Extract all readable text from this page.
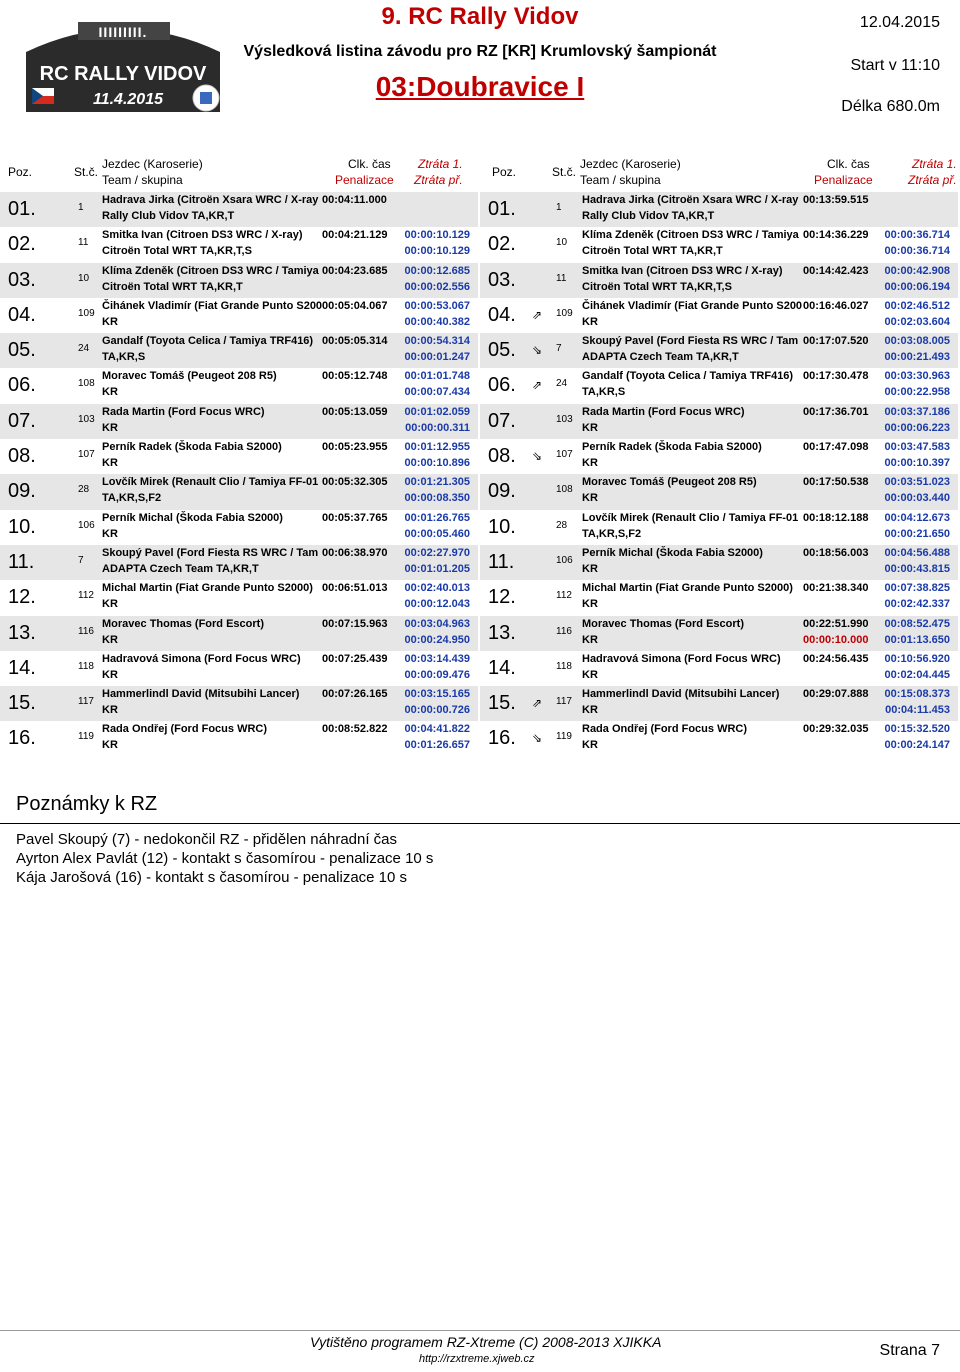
IIIIIIIII.
RC RALLY VIDOV
11.4.2015
9. RC Rally Vidov
Výsledková listina závodu pro RZ [KR] Krumlovský šampionát
03:Doubravice I
12.04.2015
Start v 11:10
Délka 680.0m
Poz.	St.č.
Jezdec (Karoserie)
Team / skupina
Clk. čas
Penalizace
Ztráta 1.
Ztráta př.
Poz.	St.č.
Jezdec (Karoserie)
Team / skupina
Clk. čas
Penalizace
Ztráta 1.
Ztráta př.
01.	1
Hadrava Jirka (Citroën Xsara WRC / X-ray
Rally Club Vidov TA,KR,T
00:04:11.000
02.	11
Smitka Ivan (Citroen DS3 WRC / X-ray)
Citroën Total WRT TA,KR,T,S
00:04:21.129 00:00:10.129
00:00:10.129
03.	10
Klíma Zdeněk (Citroen DS3 WRC / Tamiya
Citroën Total WRT TA,KR,T
00:04:23.685 00:00:12.685
00:00:02.556
04.	109
Čihánek Vladimír (Fiat Grande Punto S200
KR
00:05:04.067 00:00:53.067
00:00:40.382
05.	24
Gandalf (Toyota Celica / Tamiya TRF416)
TA,KR,S
00:05:05.314 00:00:54.314
00:00:01.247
06.	108
Moravec Tomáš (Peugeot 208 R5)
KR
00:05:12.748 00:01:01.748
00:00:07.434
07.	103
Rada Martin (Ford Focus WRC)
KR
00:05:13.059 00:01:02.059
00:00:00.311
08.	107
Perník Radek (Škoda Fabia S2000)
KR
00:05:23.955 00:01:12.955
00:00:10.896
09.	28
Lovčík Mirek (Renault Clio / Tamiya FF-01
TA,KR,S,F2
00:05:32.305 00:01:21.305
00:00:08.350
10.	106
Perník Michal (Škoda Fabia S2000)
KR
00:05:37.765 00:01:26.765
00:00:05.460
11.	7
Skoupý Pavel (Ford Fiesta RS WRC / Tam
ADAPTA Czech Team TA,KR,T
00:06:38.970 00:02:27.970
00:01:01.205
12.	112
Michal Martin (Fiat Grande Punto S2000)
KR
00:06:51.013 00:02:40.013
00:00:12.043
13.	116
Moravec Thomas (Ford Escort)
KR
00:07:15.963 00:03:04.963
00:00:24.950
14.	118
Hadravová Simona (Ford Focus WRC)
KR
00:07:25.439 00:03:14.439
00:00:09.476
15.	117
Hammerlindl David (Mitsubihi Lancer)
KR
00:07:26.165 00:03:15.165
00:00:00.726
16.	119
Rada Ondřej (Ford Focus WRC)
KR
00:08:52.822 00:04:41.822
00:01:26.657
01.	1
Hadrava Jirka (Citroën Xsara WRC / X-ray
Rally Club Vidov TA,KR,T
00:13:59.515
02.	10
Klíma Zdeněk (Citroen DS3 WRC / Tamiya
Citroën Total WRT TA,KR,T
00:14:36.229 00:00:36.714
00:00:36.714
03.	11
Smitka Ivan (Citroen DS3 WRC / X-ray)
Citroën Total WRT TA,KR,T,S
00:14:42.423 00:00:42.908
00:00:06.194
04. ⇗ 109
Čihánek Vladimír (Fiat Grande Punto S200
KR
00:16:46.027 00:02:46.512
00:02:03.604
05. ⇘ 7
Skoupý Pavel (Ford Fiesta RS WRC / Tam
ADAPTA Czech Team TA,KR,T
00:17:07.520 00:03:08.005
00:00:21.493
06. ⇗ 24
Gandalf (Toyota Celica / Tamiya TRF416)
TA,KR,S
00:17:30.478 00:03:30.963
00:00:22.958
07.	103
Rada Martin (Ford Focus WRC)
KR
00:17:36.701 00:03:37.186
00:00:06.223
08. ⇘ 107
Perník Radek (Škoda Fabia S2000)
KR
00:17:47.098 00:03:47.583
00:00:10.397
09.	108
Moravec Tomáš (Peugeot 208 R5)
KR
00:17:50.538 00:03:51.023
00:00:03.440
10.	28
Lovčík Mirek (Renault Clio / Tamiya FF-01
TA,KR,S,F2
00:18:12.188 00:04:12.673
00:00:21.650
11.	106
Perník Michal (Škoda Fabia S2000)
KR
00:18:56.003 00:04:56.488
00:00:43.815
12.	112
Michal Martin (Fiat Grande Punto S2000)
KR
00:21:38.340 00:07:38.825
00:02:42.337
13.	116
Moravec Thomas (Ford Escort)
KR
00:22:51.990
00:00:10.000
00:08:52.475
00:01:13.650
14.	118
Hadravová Simona (Ford Focus WRC)
KR
00:24:56.435 00:10:56.920
00:02:04.445
15. ⇗ 117
Hammerlindl David (Mitsubihi Lancer)
KR
00:29:07.888 00:15:08.373
00:04:11.453
16. ⇘ 119
Rada Ondřej (Ford Focus WRC)
KR
00:29:32.035 00:15:32.520
00:00:24.147
Poznámky k RZ
Pavel Skoupý (7) - nedokončil RZ - přidělen náhradní čas
Ayrton Alex Pavlát (12) - kontakt s časomírou - penalizace 10 s
Kája Jarošová (16) - kontakt s časomírou - penalizace 10 s
Vytištěno programem RZ-Xtreme (C) 2008-2013 XJIKKA
http://rzxtreme.xjweb.cz	Strana 7
